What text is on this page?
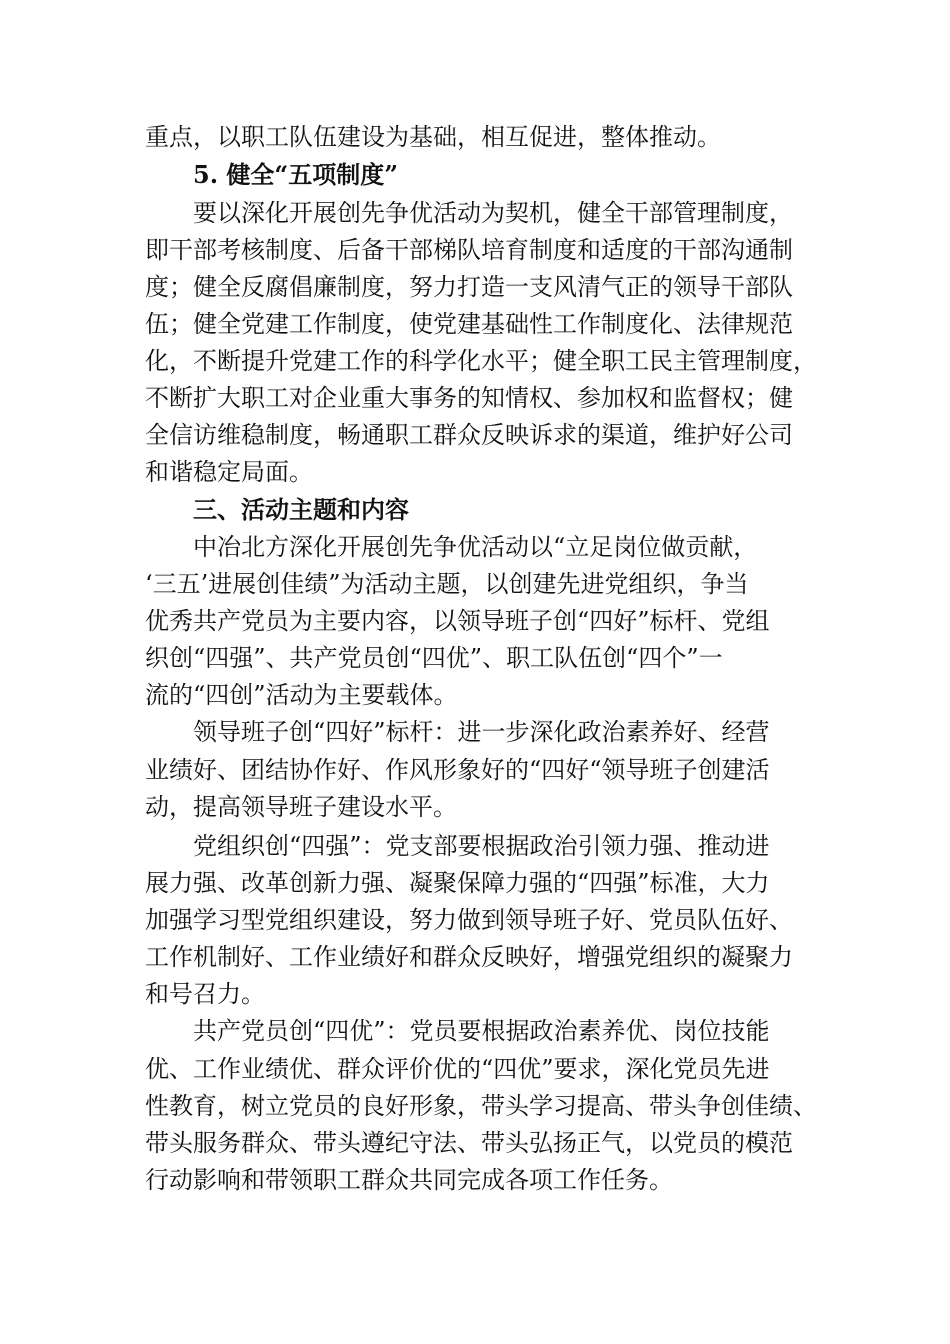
重点，以职工队伍建设为基础，相互促进，整体推动。
5. 健全“五项制度”
要以深化开展创先争优活动为契机，健全干部管理制度，
即干部考核制度、后备干部梯队培育制度和适度的干部沟通制
度；健全反腐倡廉制度，努力打造一支风清气正的领导干部队
伍；健全党建工作制度，使党建基础性工作制度化、法律规范
化，不断提升党建工作的科学化水平；健全职工民主管理制度，
不断扩大职工对企业重大事务的知情权、参加权和监督权；健
全信访维稳制度，畅通职工群众反映诉求的渠道，维护好公司
和谐稳定局面。
三、活动主题和内容
中冶北方深化开展创先争优活动以“立足岗位做贡献，
‘三五’进展创佳绩”为活动主题，以创建先进党组织，争当
优秀共产党员为主要内容，以领导班子创“四好”标杆、党组
织创“四强”、共产党员创“四优”、职工队伍创“四个”一
流的“四创”活动为主要载体。
领导班子创“四好”标杆：进一步深化政治素养好、经营
业绩好、团结协作好、作风形象好的“四好“领导班子创建活
动，提高领导班子建设水平。
党组织创“四强”：党支部要根据政治引领力强、推动进
展力强、改革创新力强、凝聚保障力强的“四强”标准，大力
加强学习型党组织建设，努力做到领导班子好、党员队伍好、
工作机制好、工作业绩好和群众反映好，增强党组织的凝聚力
和号召力。
共产党员创“四优”：党员要根据政治素养优、岗位技能
优、工作业绩优、群众评价优的“四优”要求，深化党员先进
性教育，树立党员的良好形象，带头学习提高、带头争创佳绩、
带头服务群众、带头遵纪守法、带头弘扬正气，以党员的模范
行动影响和带领职工群众共同完成各项工作任务。
